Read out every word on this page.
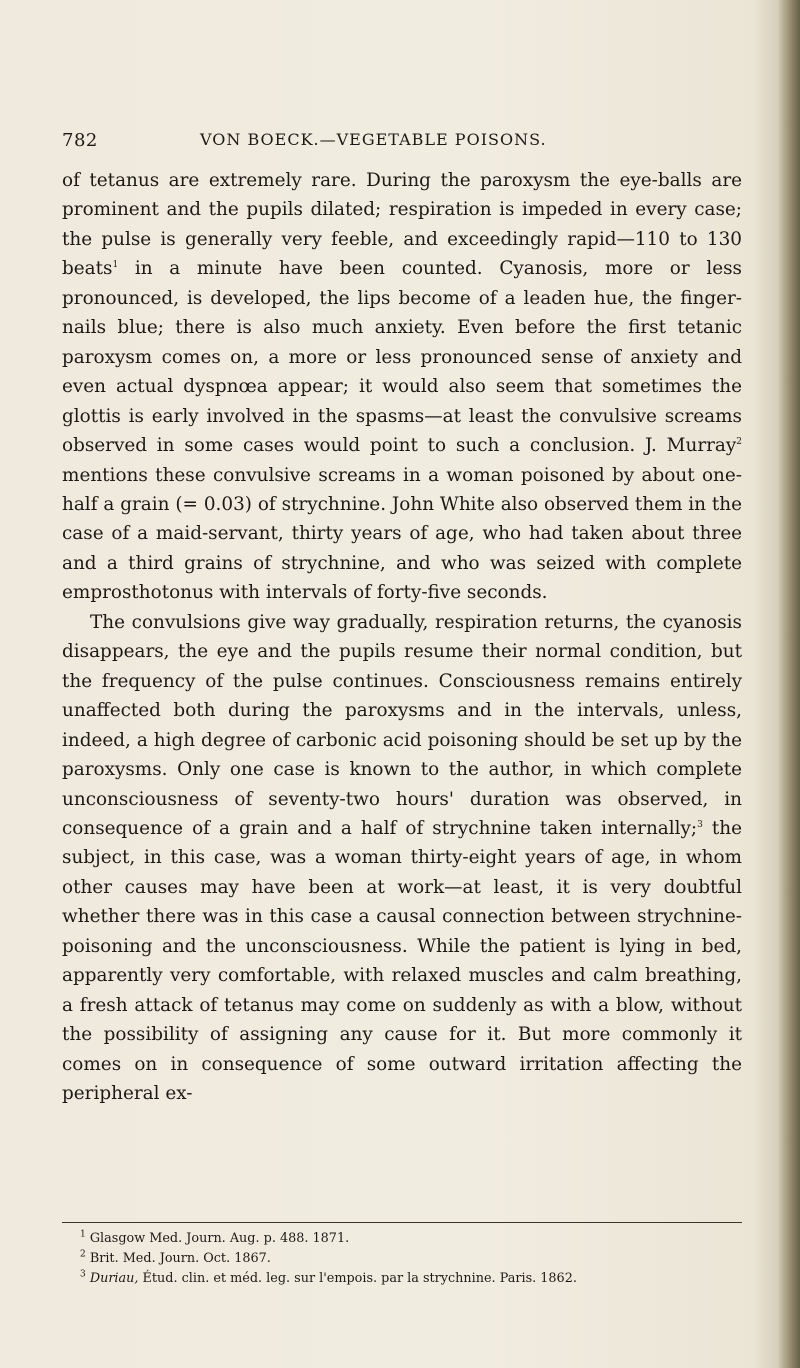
782	VON BOECK.—VEGETABLE POISONS.

of tetanus are extremely rare. During the paroxysm the eye-balls are prominent and the pupils dilated; respiration is impeded in every case; the pulse is generally very feeble, and exceedingly rapid—110 to 130 beats$^1$ in a minute have been counted. Cyanosis, more or less pronounced, is developed, the lips become of a leaden hue, the finger-nails blue; there is also much anxiety. Even before the first tetanic paroxysm comes on, a more or less pronounced sense of anxiety and even actual dyspnœa appear; it would also seem that sometimes the glottis is early involved in the spasms—at least the convulsive screams observed in some cases would point to such a conclusion. J. Murray$^2$ mentions these convulsive screams in a woman poisoned by about one-half a grain (= 0.03) of strychnine. John White also observed them in the case of a maid-servant, thirty years of age, who had taken about three and a third grains of strychnine, and who was seized with complete emprosthotonus with intervals of forty-five seconds.

The convulsions give way gradually, respiration returns, the cyanosis disappears, the eye and the pupils resume their normal condition, but the frequency of the pulse continues. Consciousness remains entirely unaffected both during the paroxysms and in the intervals, unless, indeed, a high degree of carbonic acid poisoning should be set up by the paroxysms. Only one case is known to the author, in which complete unconsciousness of seventy-two hours' duration was observed, in consequence of a grain and a half of strychnine taken internally;$^3$ the subject, in this case, was a woman thirty-eight years of age, in whom other causes may have been at work—at least, it is very doubtful whether there was in this case a causal connection between strychnine-poisoning and the unconsciousness. While the patient is lying in bed, apparently very comfortable, with relaxed muscles and calm breathing, a fresh attack of tetanus may come on suddenly as with a blow, without the possibility of assigning any cause for it. But more commonly it comes on in consequence of some outward irritation affecting the peripheral ex-

$^1$ Glasgow Med. Journ. Aug. p. 488. 1871.
$^2$ Brit. Med. Journ. Oct. 1867.
$^3$ Duriau, Étud. clin. et méd. leg. sur l'empois. par la strychnine. Paris. 1862.
